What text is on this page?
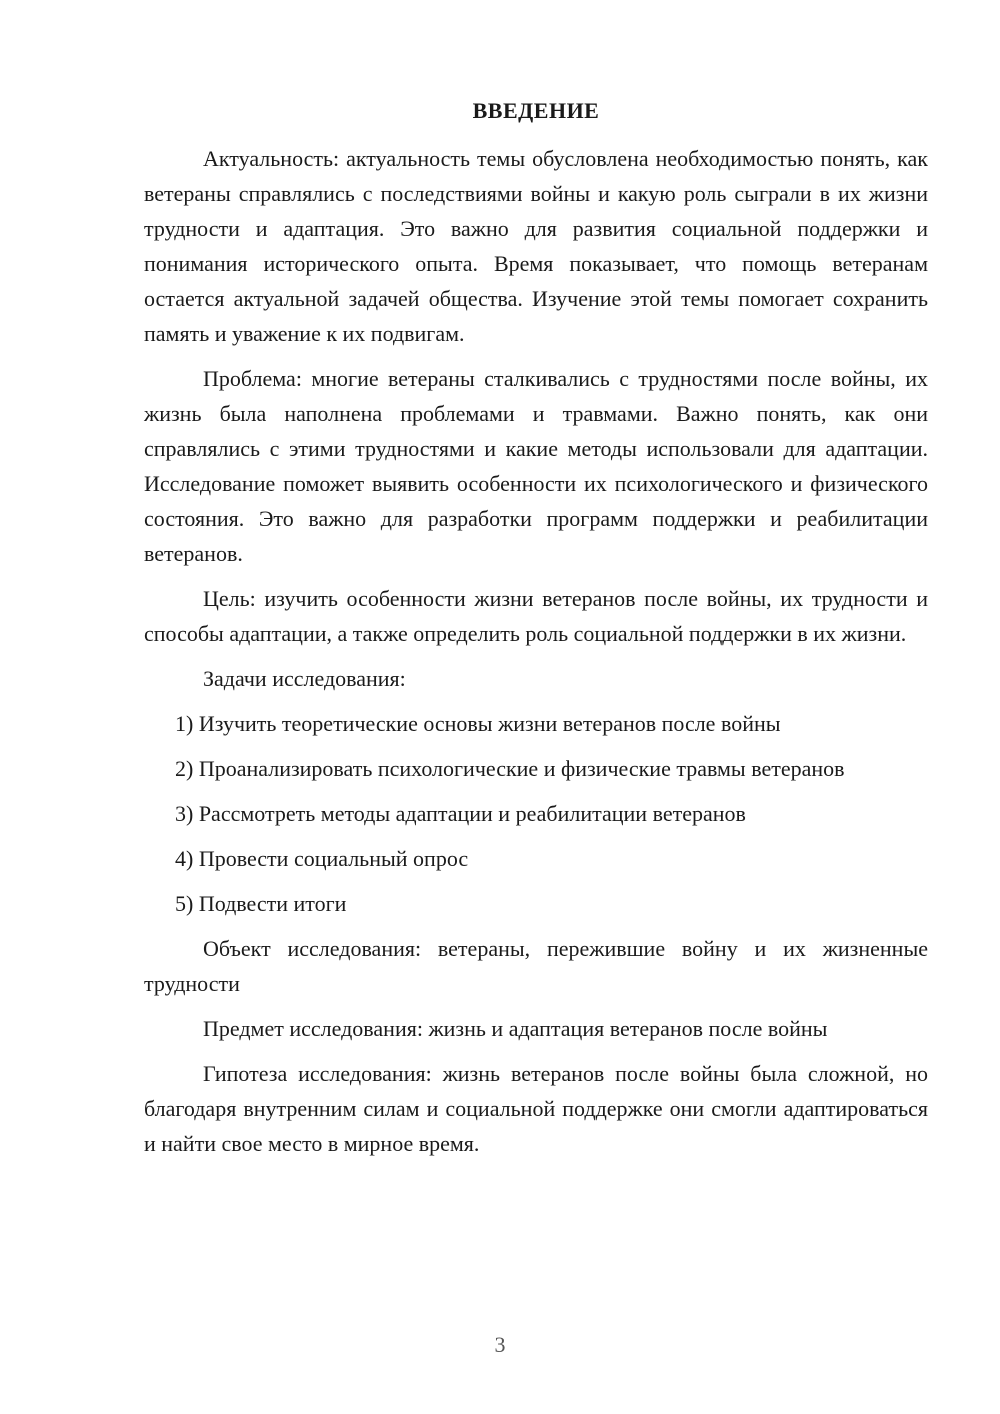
ВВЕДЕНИЕ

Актуальность: актуальность темы обусловлена необходимостью понять, как ветераны справлялись с последствиями войны и какую роль сыграли в их жизни трудности и адаптация. Это важно для развития социальной поддержки и понимания исторического опыта. Время показывает, что помощь ветеранам остается актуальной задачей общества. Изучение этой темы помогает сохранить память и уважение к их подвигам.

Проблема: многие ветераны сталкивались с трудностями после войны, их жизнь была наполнена проблемами и травмами. Важно понять, как они справлялись с этими трудностями и какие методы использовали для адаптации. Исследование поможет выявить особенности их психологического и физического состояния. Это важно для разработки программ поддержки и реабилитации ветеранов.

Цель: изучить особенности жизни ветеранов после войны, их трудности и способы адаптации, а также определить роль социальной поддержки в их жизни.

Задачи исследования:

1) Изучить теоретические основы жизни ветеранов после войны

2) Проанализировать психологические и физические травмы ветеранов

3) Рассмотреть методы адаптации и реабилитации ветеранов

4) Провести социальный опрос

5) Подвести итоги

Объект исследования: ветераны, пережившие войну и их жизненные трудности

Предмет исследования: жизнь и адаптация ветеранов после войны

Гипотеза исследования: жизнь ветеранов после войны была сложной, но благодаря внутренним силам и социальной поддержке они смогли адаптироваться и найти свое место в мирное время.

3
